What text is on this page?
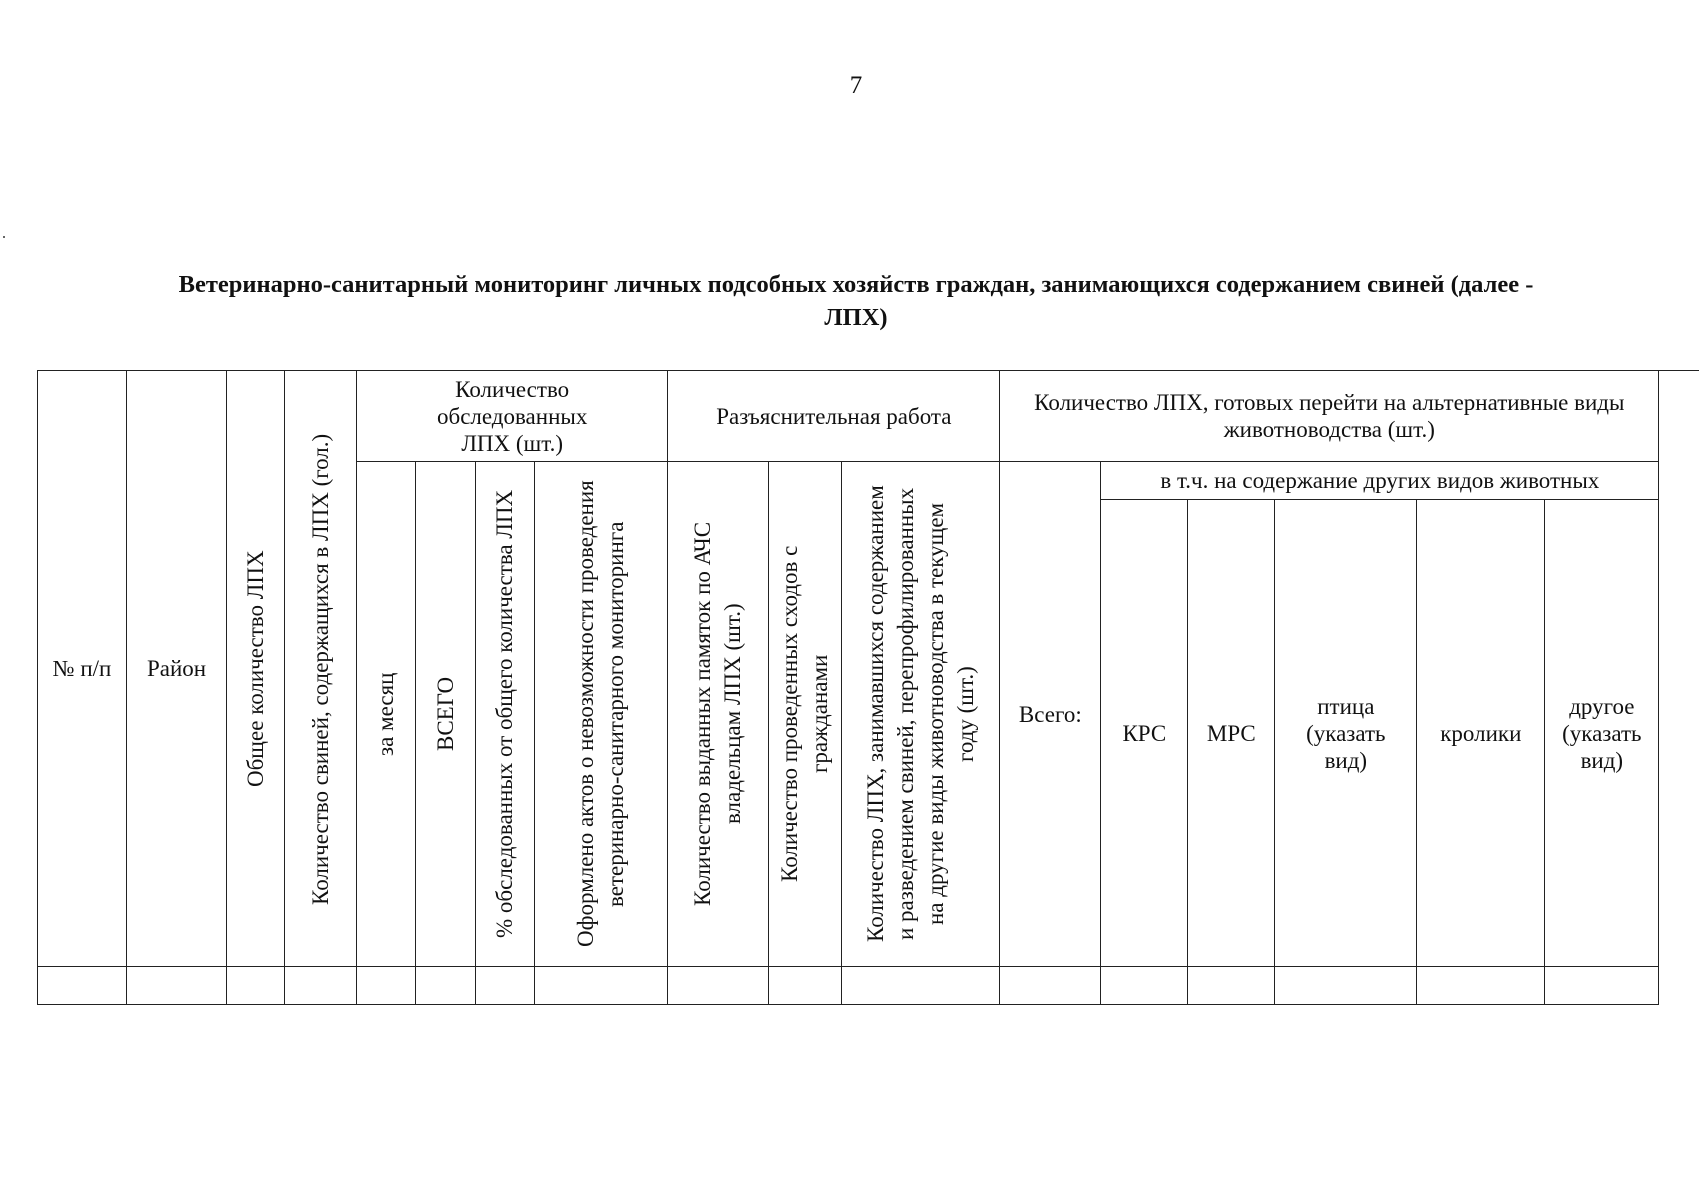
7
Ветеринарно-санитарный мониторинг личных подсобных хозяйств граждан, занимающихся содержанием свиней (далее -
ЛПХ)
№ п/п	Район	Общее количество ЛПХ	Количество свиней, содержащихся в ЛПХ (гол.)	Количество обследованных ЛПХ (шт.)				Разъяснительная работа			Количество ЛПХ, готовых перейти на альтернативные виды животноводства (шт.)					

				за месяц	ВСЕГО	% обследованных от общего количества ЛПХ	Оформлено актов о невозможности проведения ветеринарно-санитарного мониторинга	Количество выданных памяток по АЧС владельцам ЛПХ (шт.)	Количество проведенных сходов с гражданами	Количество ЛПХ, занимавшихся содержанием и разведением свиней, перепрофилированных на другие виды животноводства в текущем году (шт.)	Всего:	в т.ч. на содержание других видов животных				
												КРС	МРС	птица (указать вид)	кролики	другое (указать вид)
